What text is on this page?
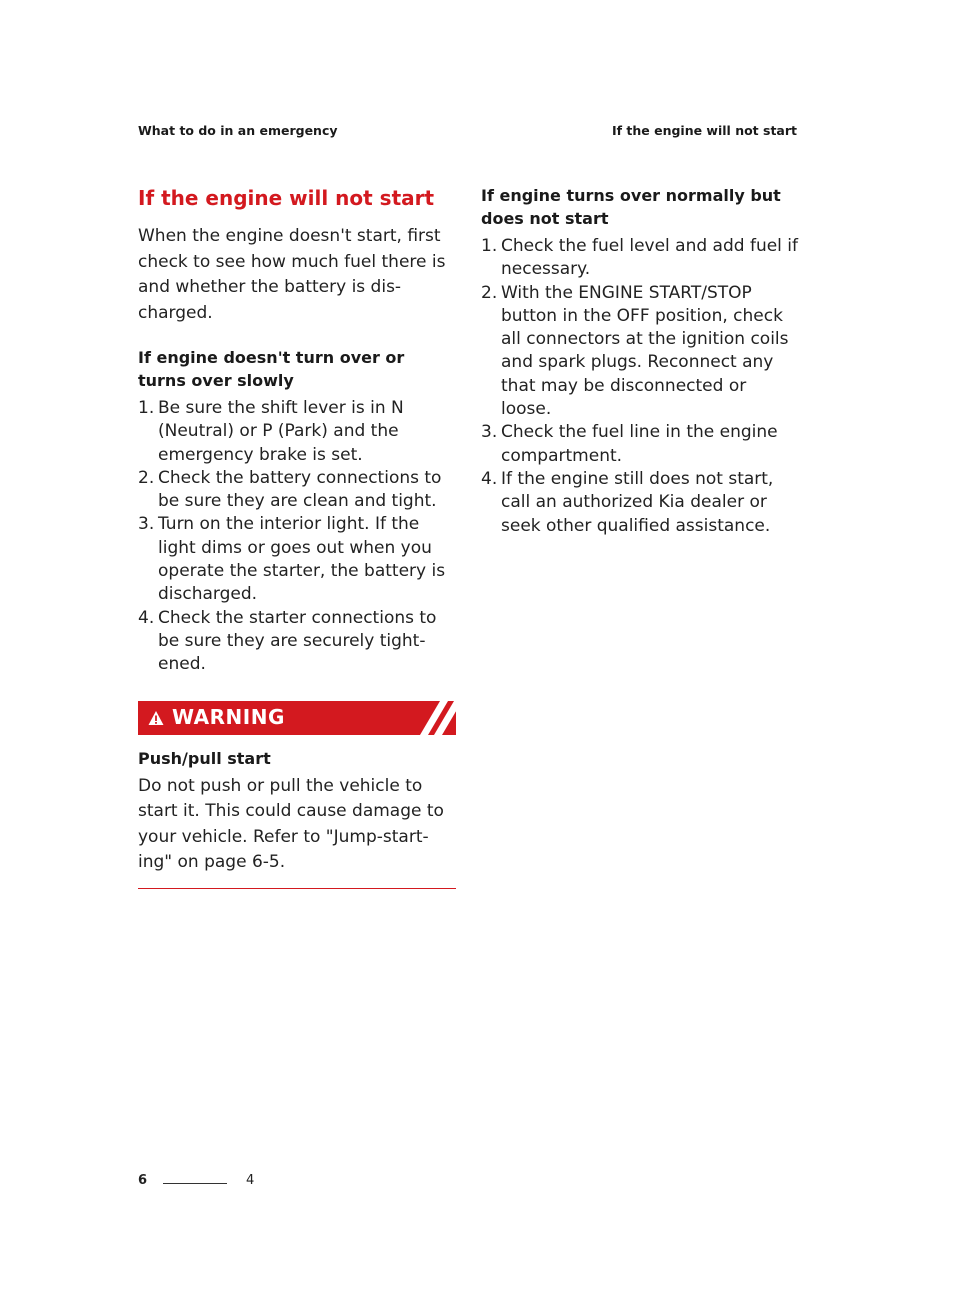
What to do in an emergency	If the engine will not start
If the engine will not start

When the engine doesn't start, first check to see how much fuel there is and whether the battery is dis-charged.

If engine doesn't turn over or turns over slowly
1. Be sure the shift lever is in N (Neutral) or P (Park) and the emergency brake is set.
2. Check the battery connections to be sure they are clean and tight.
3. Turn on the interior light. If the light dims or goes out when you operate the starter, the battery is discharged.
4. Check the starter connections to be sure they are securely tight-ened.
WARNING
Push/pull start

Do not push or pull the vehicle to start it. This could cause damage to your vehicle. Refer to "Jump-start-ing" on page 6-5.

If engine turns over normally but does not start
1. Check the fuel level and add fuel if necessary.
2. With the ENGINE START/STOP button in the OFF position, check all connectors at the ignition coils and spark plugs. Reconnect any that may be disconnected or loose.
3. Check the fuel line in the engine compartment.
4. If the engine still does not start, call an authorized Kia dealer or seek other qualified assistance.
6	4
